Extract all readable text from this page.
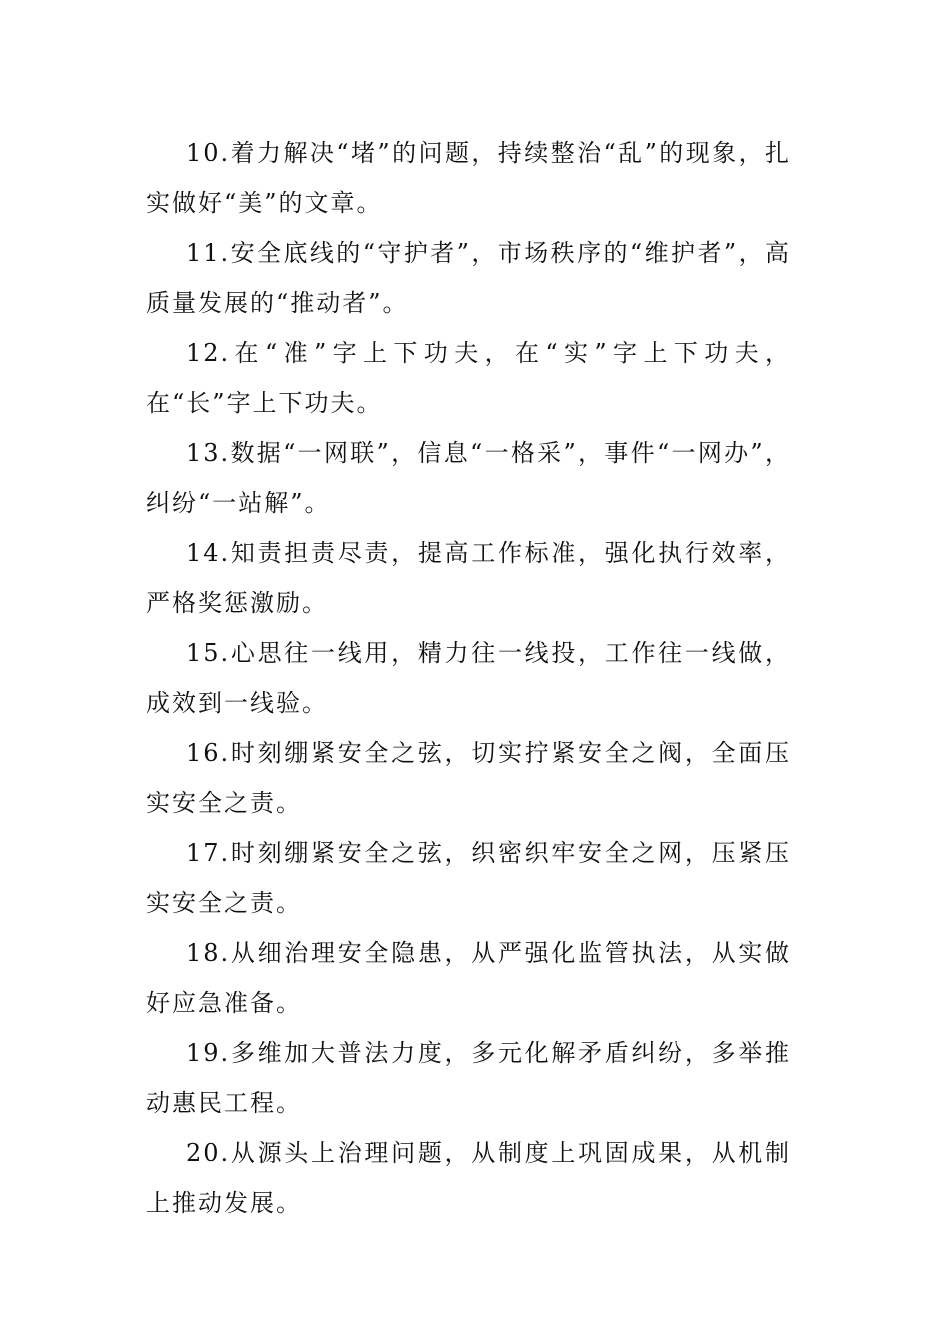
10.着力解决“堵”的问题，持续整治“乱”的现象，扎实做好“美”的文章。

11.安全底线的“守护者”，市场秩序的“维护者”，高质量发展的“推动者”。

12.在“准”字上下功夫，在“实”字上下功夫，在“长”字上下功夫。

13.数据“一网联”，信息“一格采”，事件“一网办”，纠纷“一站解”。

14.知责担责尽责，提高工作标准，强化执行效率，严格奖惩激励。

15.心思往一线用，精力往一线投，工作往一线做，成效到一线验。

16.时刻绷紧安全之弦，切实拧紧安全之阀，全面压实安全之责。

17.时刻绷紧安全之弦，织密织牢安全之网，压紧压实安全之责。

18.从细治理安全隐患，从严强化监管执法，从实做好应急准备。

19.多维加大普法力度，多元化解矛盾纠纷，多举推动惠民工程。

20.从源头上治理问题，从制度上巩固成果，从机制上推动发展。
